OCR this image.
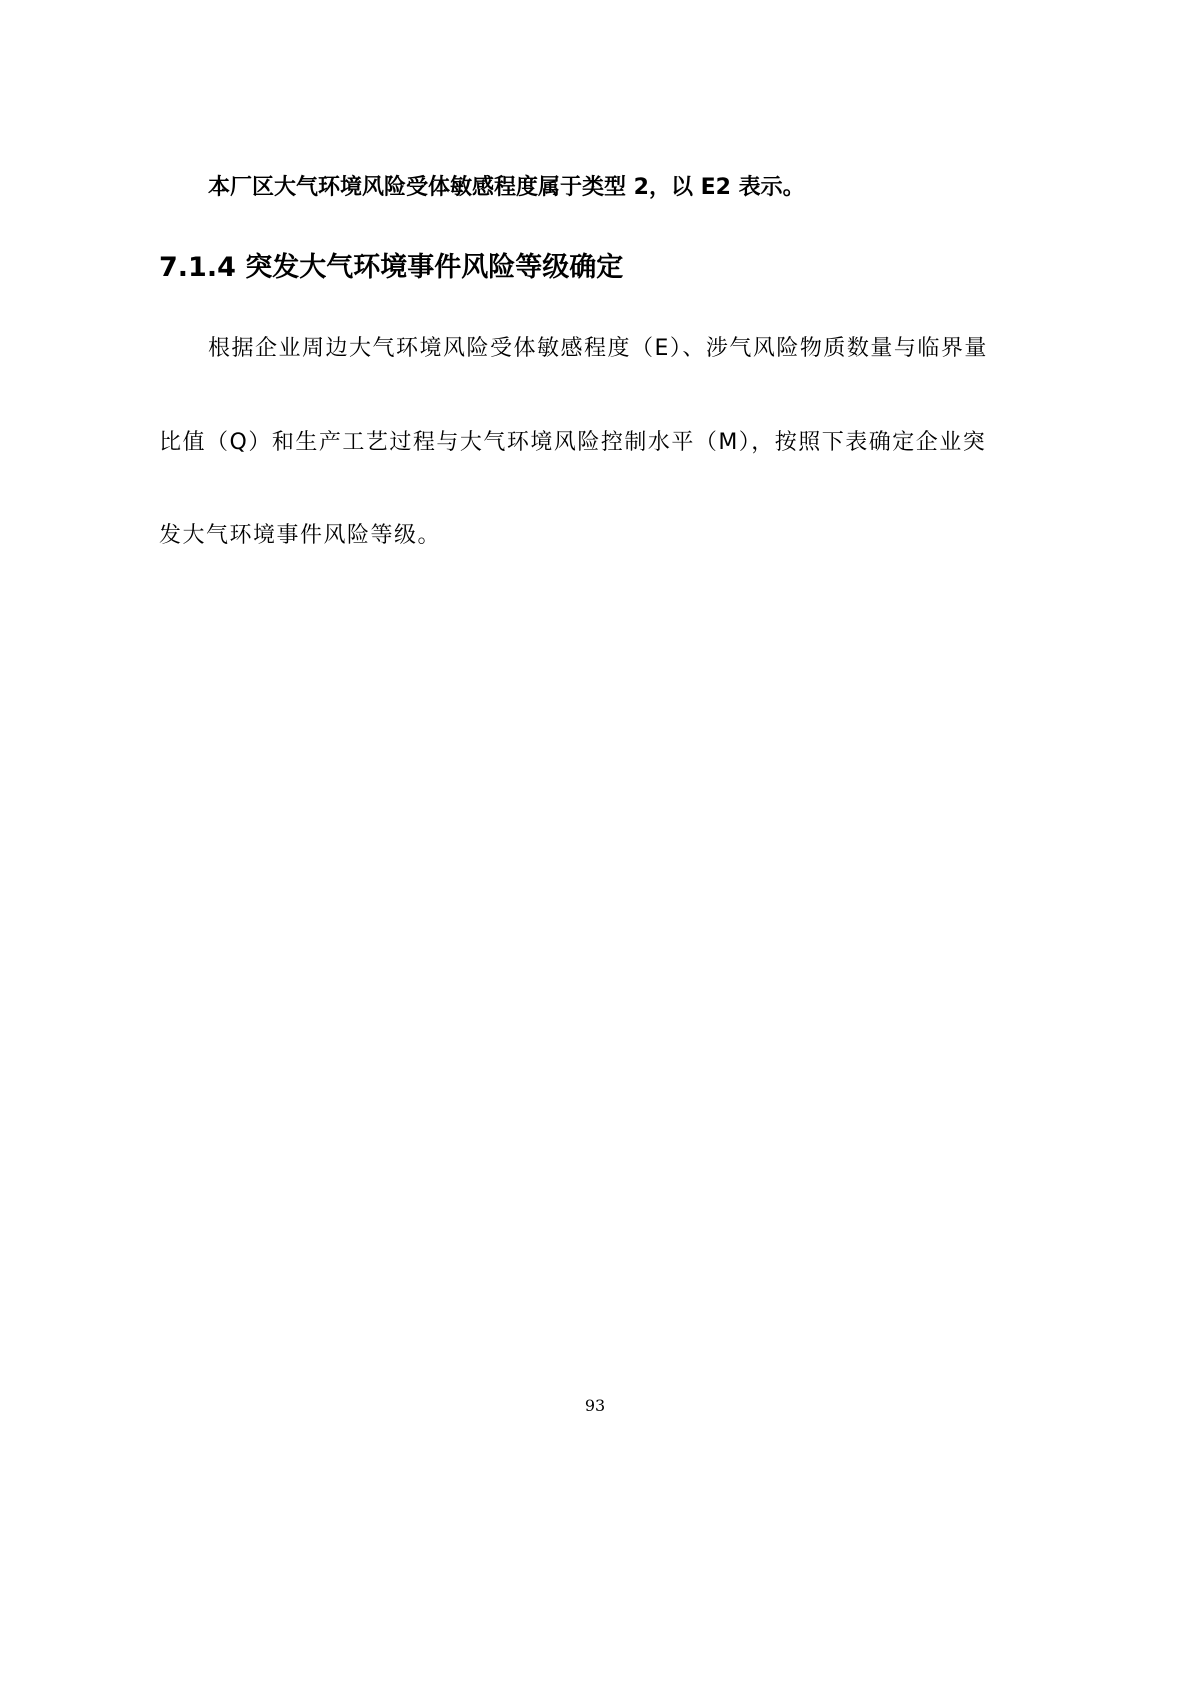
本厂区大气环境风险受体敏感程度属于类型 2，以 E2 表示。
7.1.4 突发大气环境事件风险等级确定
根据企业周边大气环境风险受体敏感程度（E）、涉气风险物质数量与临界量
比值（Q）和生产工艺过程与大气环境风险控制水平（M），按照下表确定企业突
发大气环境事件风险等级。
93
